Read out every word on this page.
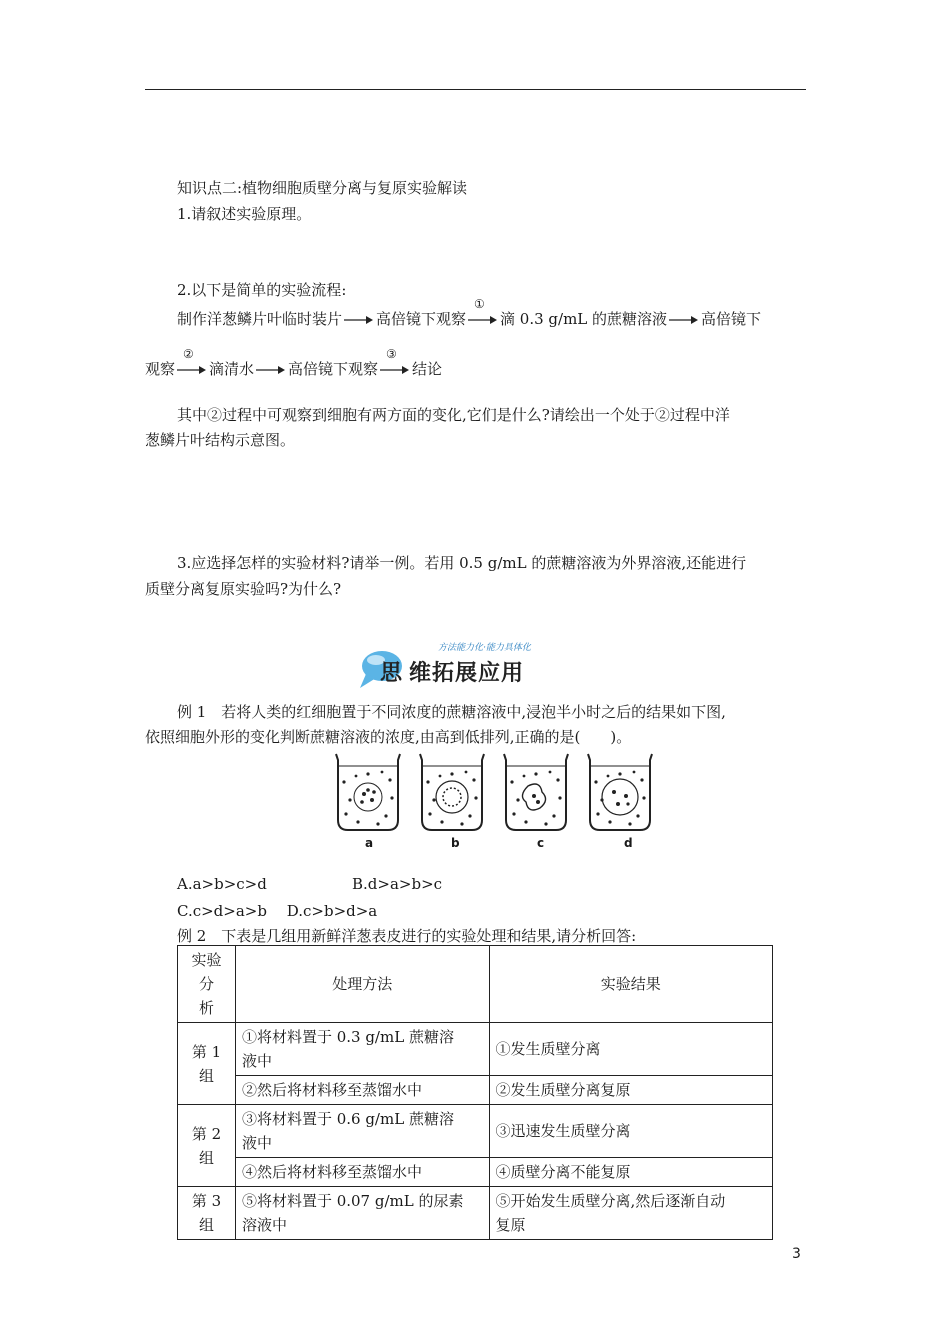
知识点二:植物细胞质壁分离与复原实验解读
1.请叙述实验原理。
2.以下是简单的实验流程:
制作洋葱鳞片叶临时装片 高倍镜下观察
①
滴 0.3 g/mL 的蔗糖溶液 高倍镜下
观察
②
滴清水 高倍镜下观察
③
结论
其中②过程中可观察到细胞有两方面的变化,它们是什么?请绘出一个处于②过程中洋
葱鳞片叶结构示意图。
3.应选择怎样的实验材料?请举一例。若用 0.5 g/mL 的蔗糖溶液为外界溶液,还能进行
质壁分离复原实验吗?为什么?
方法能力化·能力具体化
思 维拓展应用
例 1　若将人类的红细胞置于不同浓度的蔗糖溶液中,浸泡半小时之后的结果如下图,
依照细胞外形的变化判断蔗糖溶液的浓度,由高到低排列,正确的是(　　)。
a	b	c	d
A.a>b>c>d	B.d>a>b>c
C.c>d>a>b　 D.c>b>d>a
例 2　下表是几组用新鲜洋葱表皮进行的实验处理和结果,请分析回答:
实验分
析	处理方法	实验结果
第 1 组	①将材料置于 0.3 g/mL 蔗糖溶
液中	①发生质壁分离
	②然后将材料移至蒸馏水中	②发生质壁分离复原
第 2 组	③将材料置于 0.6 g/mL 蔗糖溶
液中	③迅速发生质壁分离
	④然后将材料移至蒸馏水中	④质壁分离不能复原
第 3 组	⑤将材料置于 0.07 g/mL 的尿素
溶液中	⑤开始发生质壁分离,然后逐渐自动
复原
3
